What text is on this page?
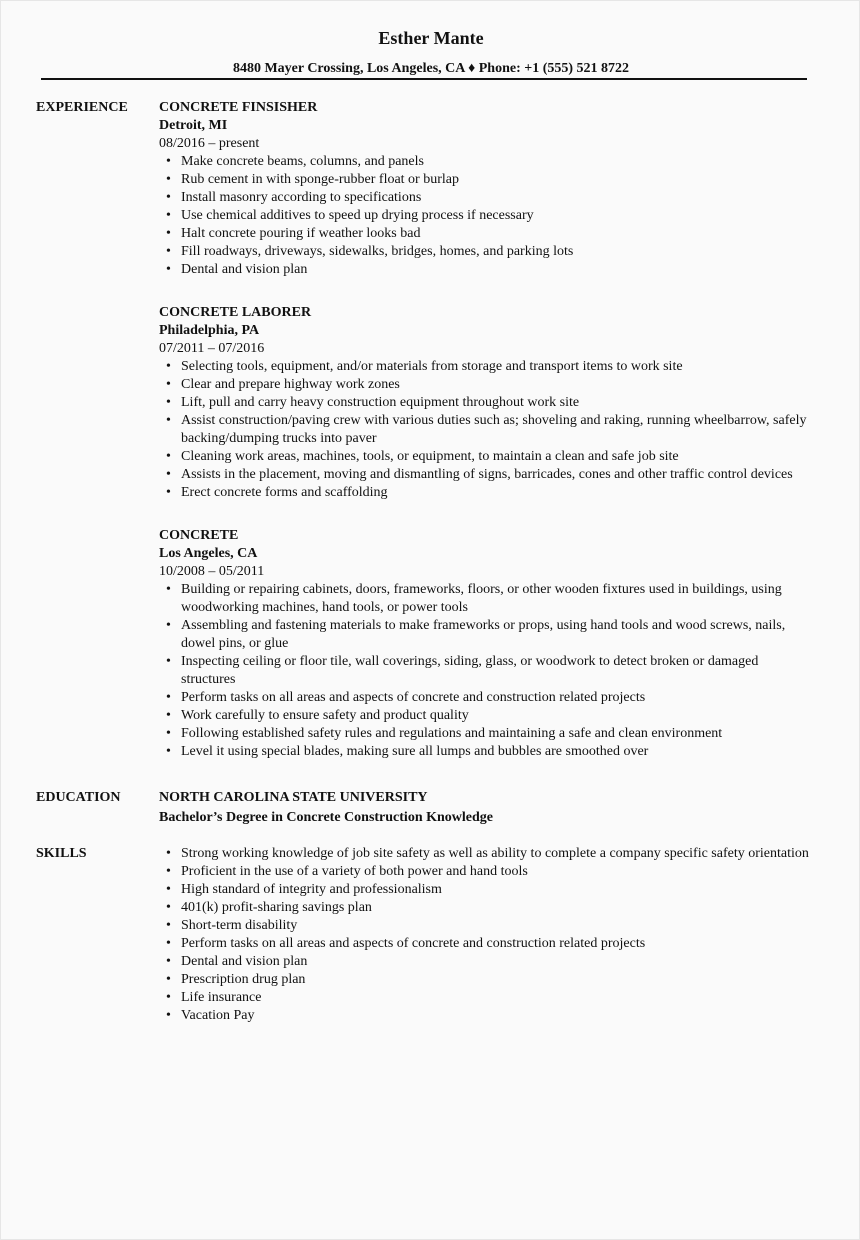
Esther Mante
8480 Mayer Crossing, Los Angeles, CA ♦ Phone: +1 (555) 521 8722
EXPERIENCE	CONCRETE FINSISHER
Detroit, MI
08/2016 – present
• Make concrete beams, columns, and panels
• Rub cement in with sponge-rubber float or burlap
• Install masonry according to specifications
• Use chemical additives to speed up drying process if necessary
• Halt concrete pouring if weather looks bad
• Fill roadways, driveways, sidewalks, bridges, homes, and parking lots
• Dental and vision plan
CONCRETE LABORER
Philadelphia, PA
07/2011 – 07/2016
• Selecting tools, equipment, and/or materials from storage and transport items to work site
• Clear and prepare highway work zones
• Lift, pull and carry heavy construction equipment throughout work site
• Assist construction/paving crew with various duties such as; shoveling and raking, running wheelbarrow, safely backing/dumping trucks into paver
• Cleaning work areas, machines, tools, or equipment, to maintain a clean and safe job site
• Assists in the placement, moving and dismantling of signs, barricades, cones and other traffic control devices
• Erect concrete forms and scaffolding
CONCRETE
Los Angeles, CA
10/2008 – 05/2011
• Building or repairing cabinets, doors, frameworks, floors, or other wooden fixtures used in buildings, using woodworking machines, hand tools, or power tools
• Assembling and fastening materials to make frameworks or props, using hand tools and wood screws, nails, dowel pins, or glue
• Inspecting ceiling or floor tile, wall coverings, siding, glass, or woodwork to detect broken or damaged structures
• Perform tasks on all areas and aspects of concrete and construction related projects
• Work carefully to ensure safety and product quality
• Following established safety rules and regulations and maintaining a safe and clean environment
• Level it using special blades, making sure all lumps and bubbles are smoothed over
EDUCATION	NORTH CAROLINA STATE UNIVERSITY
Bachelor’s Degree in Concrete Construction Knowledge
SKILLS	• Strong working knowledge of job site safety as well as ability to complete a company specific safety orientation
• Proficient in the use of a variety of both power and hand tools
• High standard of integrity and professionalism
• 401(k) profit-sharing savings plan
• Short-term disability
• Perform tasks on all areas and aspects of concrete and construction related projects
• Dental and vision plan
• Prescription drug plan
• Life insurance
• Vacation Pay
